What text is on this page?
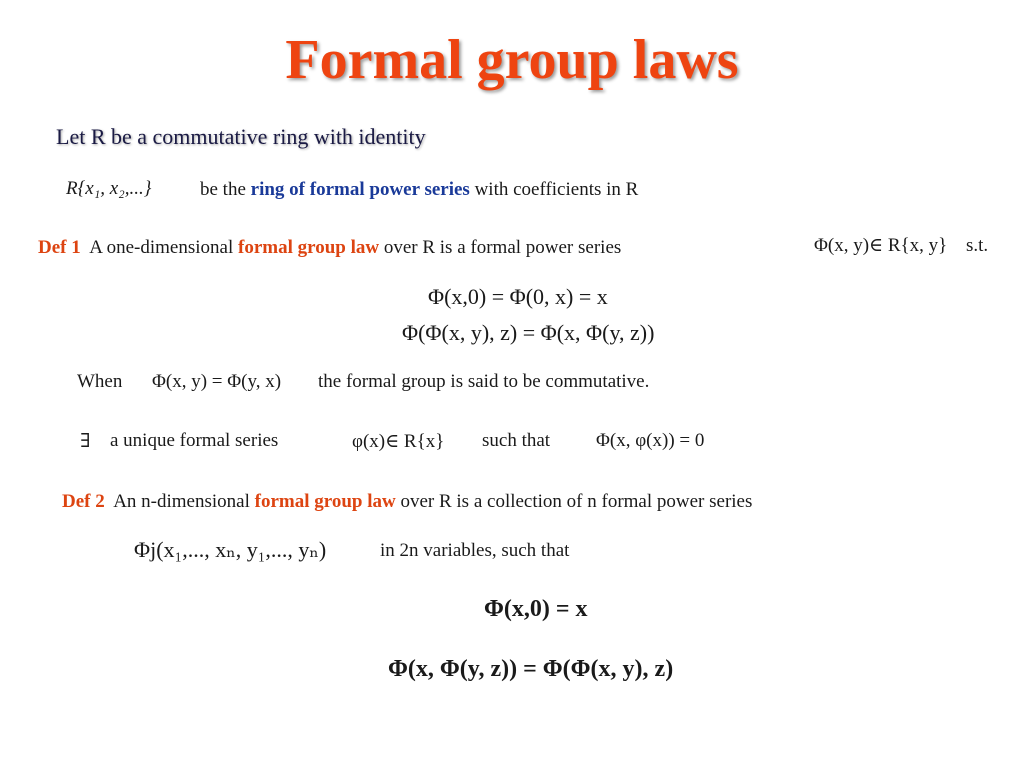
Formal group laws
Let R be a commutative ring with identity
R{x₁, x₂,...}	be the ring of formal power series with coefficients in R
Def 1 A one-dimensional formal group law over R is a formal power series	Φ(x, y)∈ R{x, y} s.t.
Φ(x,0) = Φ(0, x) = x
Φ(Φ(x, y), z) = Φ(x, Φ(y, z))
When Φ(x, y) = Φ(y, x) the formal group is said to be commutative.
∃ a unique formal series	φ(x)∈ R{x} such that Φ(x, φ(x)) = 0
Def 2 An n-dimensional formal group law over R is a collection of n formal power series
Φj(x₁,..., xₙ, y₁,..., yₙ)	in 2n variables, such that
Φ(x,0) = x
Φ(x, Φ(y, z)) = Φ(Φ(x, y), z)
